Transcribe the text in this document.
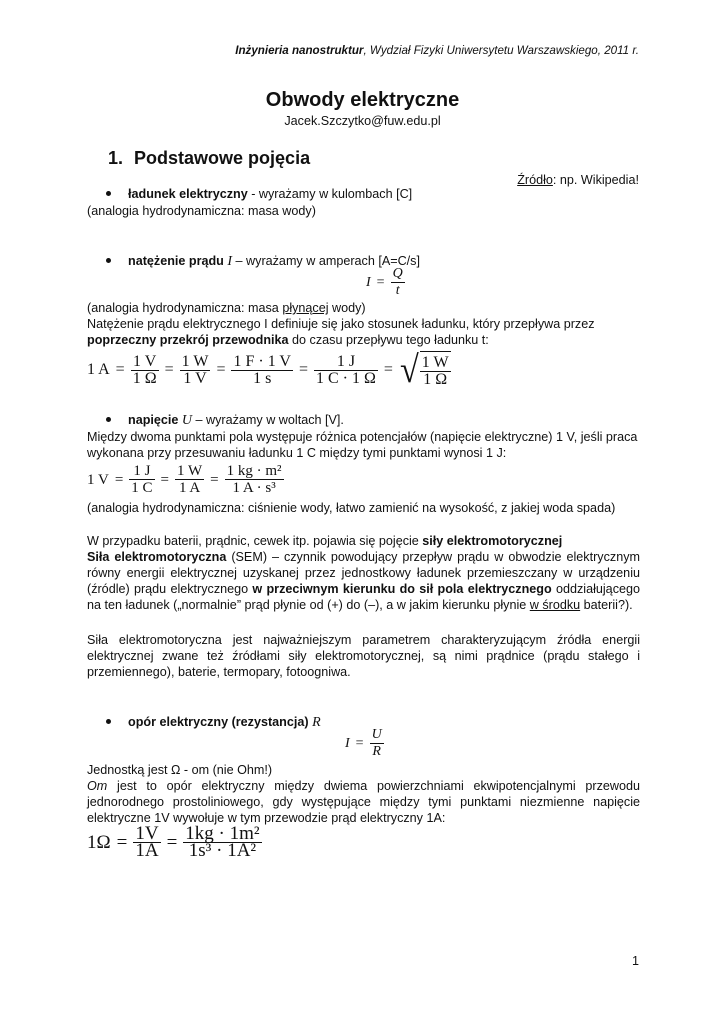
Inżynieria nanostruktur, Wydział Fizyki Uniwersytetu Warszawskiego, 2011 r.
Obwody elektryczne
Jacek.Szczytko@fuw.edu.pl
1. Podstawowe pojęcia
Źródło: np. Wikipedia!
ładunek elektryczny - wyrażamy w kulombach [C]
(analogia hydrodynamiczna: masa wody)
natężenie prądu I – wyrażamy w amperach [A=C/s]
$I = \frac{Q}{t}$
(analogia hydrodynamiczna: masa płynącej wody)
Natężenie prądu elektrycznego I definiuje się jako stosunek ładunku, który przepływa przez
poprzeczny przekrój przewodnika do czasu przepływu tego ładunku t:
1 $A = \frac{1 V}{1 \Omega} = \frac{1 W}{1 V} = \frac{1 F \cdot 1 V}{1 s} = \frac{1 J}{1 C \cdot 1 \Omega}$ = √ $\frac{1 W}{1 \Omega}$
napięcie U – wyrażamy w woltach [V].
Między dwoma punktami pola występuje różnica potencjałów (napięcie elektryczne) 1 V, jeśli praca
wykonana przy przesuwaniu ładunku 1 C między tymi punktami wynosi 1 J:
1 $V = \frac{1 J}{1 C} = \frac{1 W}{1 A} = \frac{\text{1 kg · m²}}{\text{1 A · s³}}$
(analogia hydrodynamiczna: ciśnienie wody, łatwo zamienić na wysokość, z jakiej woda spada)
W przypadku baterii, prądnic, cewek itp. pojawia się pojęcie siły elektromotorycznej
Siła elektromotoryczna (SEM) – czynnik powodujący przepływ prądu w obwodzie elektrycznym równy energii elektrycznej uzyskanej przez jednostkowy ładunek przemieszczany w urządzeniu (źródle) prądu elektrycznego w przeciwnym kierunku do sił pola elektrycznego oddziałującego na ten ładunek („normalnie” prąd płynie od (+) do (–), a w jakim kierunku płynie w środku baterii?).
Siła elektromotoryczna jest najważniejszym parametrem charakteryzującym źródła energii elektrycznej zwane też źródłami siły elektromotorycznej, są nimi prądnice (prądu stałego i przemiennego), baterie, termopary, fotoogniwa.
opór elektryczny (rezystancja) R
$I = \frac{U}{R}$
Jednostką jest Ω - om (nie Ohm!)
Om jest to opór elektryczny między dwiema powierzchniami ekwipotencjalnymi przewodu jednorodnego prostoliniowego, gdy występujące między tymi punktami niezmienne napięcie elektryczne 1V wywołuje w tym przewodzie prąd elektryczny 1A:
$1\Omega = \frac{1V}{1A} = \frac{\text{1kg · 1m²}}{\text{1s³ · 1A²}}$
1
